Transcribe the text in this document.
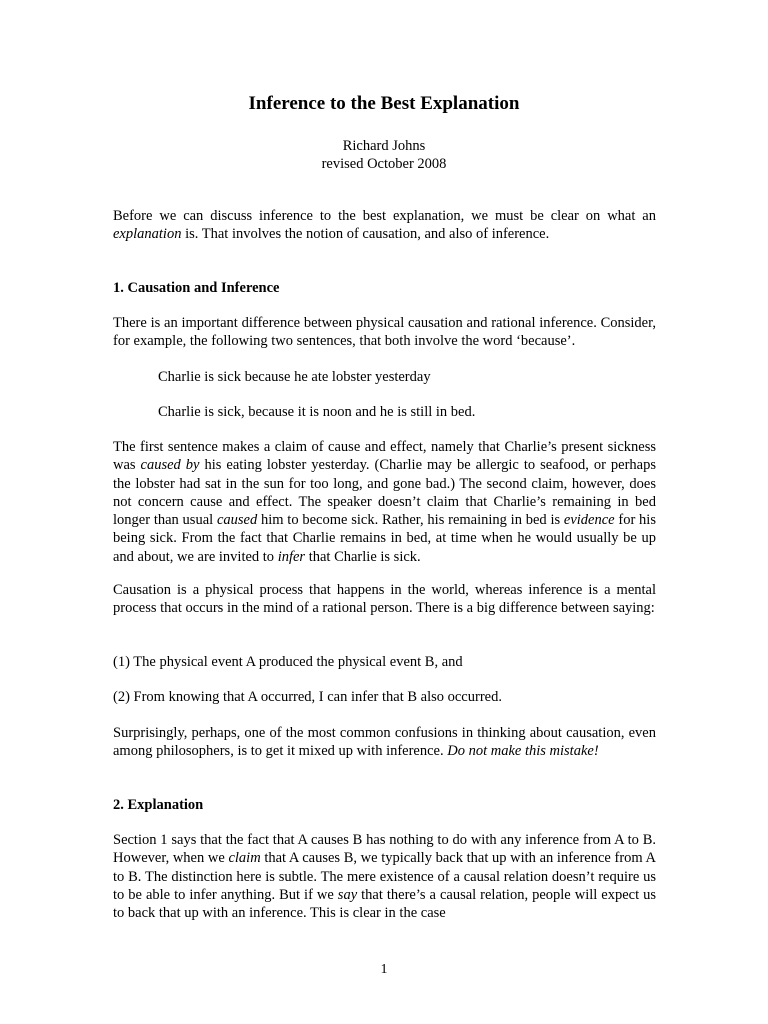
Inference to the Best Explanation
Richard Johns
revised October 2008
Before we can discuss inference to the best explanation, we must be clear on what an explanation is. That involves the notion of causation, and also of inference.
1. Causation and Inference
There is an important difference between physical causation and rational inference. Consider, for example, the following two sentences, that both involve the word ‘because’.
Charlie is sick because he ate lobster yesterday
Charlie is sick, because it is noon and he is still in bed.
The first sentence makes a claim of cause and effect, namely that Charlie’s present sickness was caused by his eating lobster yesterday. (Charlie may be allergic to seafood, or perhaps the lobster had sat in the sun for too long, and gone bad.) The second claim, however, does not concern cause and effect. The speaker doesn’t claim that Charlie’s remaining in bed longer than usual caused him to become sick. Rather, his remaining in bed is evidence for his being sick. From the fact that Charlie remains in bed, at time when he would usually be up and about, we are invited to infer that Charlie is sick.
Causation is a physical process that happens in the world, whereas inference is a mental process that occurs in the mind of a rational person. There is a big difference between saying:
(1) The physical event A produced the physical event B, and
(2) From knowing that A occurred, I can infer that B also occurred.
Surprisingly, perhaps, one of the most common confusions in thinking about causation, even among philosophers, is to get it mixed up with inference. Do not make this mistake!
2. Explanation
Section 1 says that the fact that A causes B has nothing to do with any inference from A to B. However, when we claim that A causes B, we typically back that up with an inference from A to B. The distinction here is subtle. The mere existence of a causal relation doesn’t require us to be able to infer anything. But if we say that there’s a causal relation, people will expect us to back that up with an inference. This is clear in the case
1
